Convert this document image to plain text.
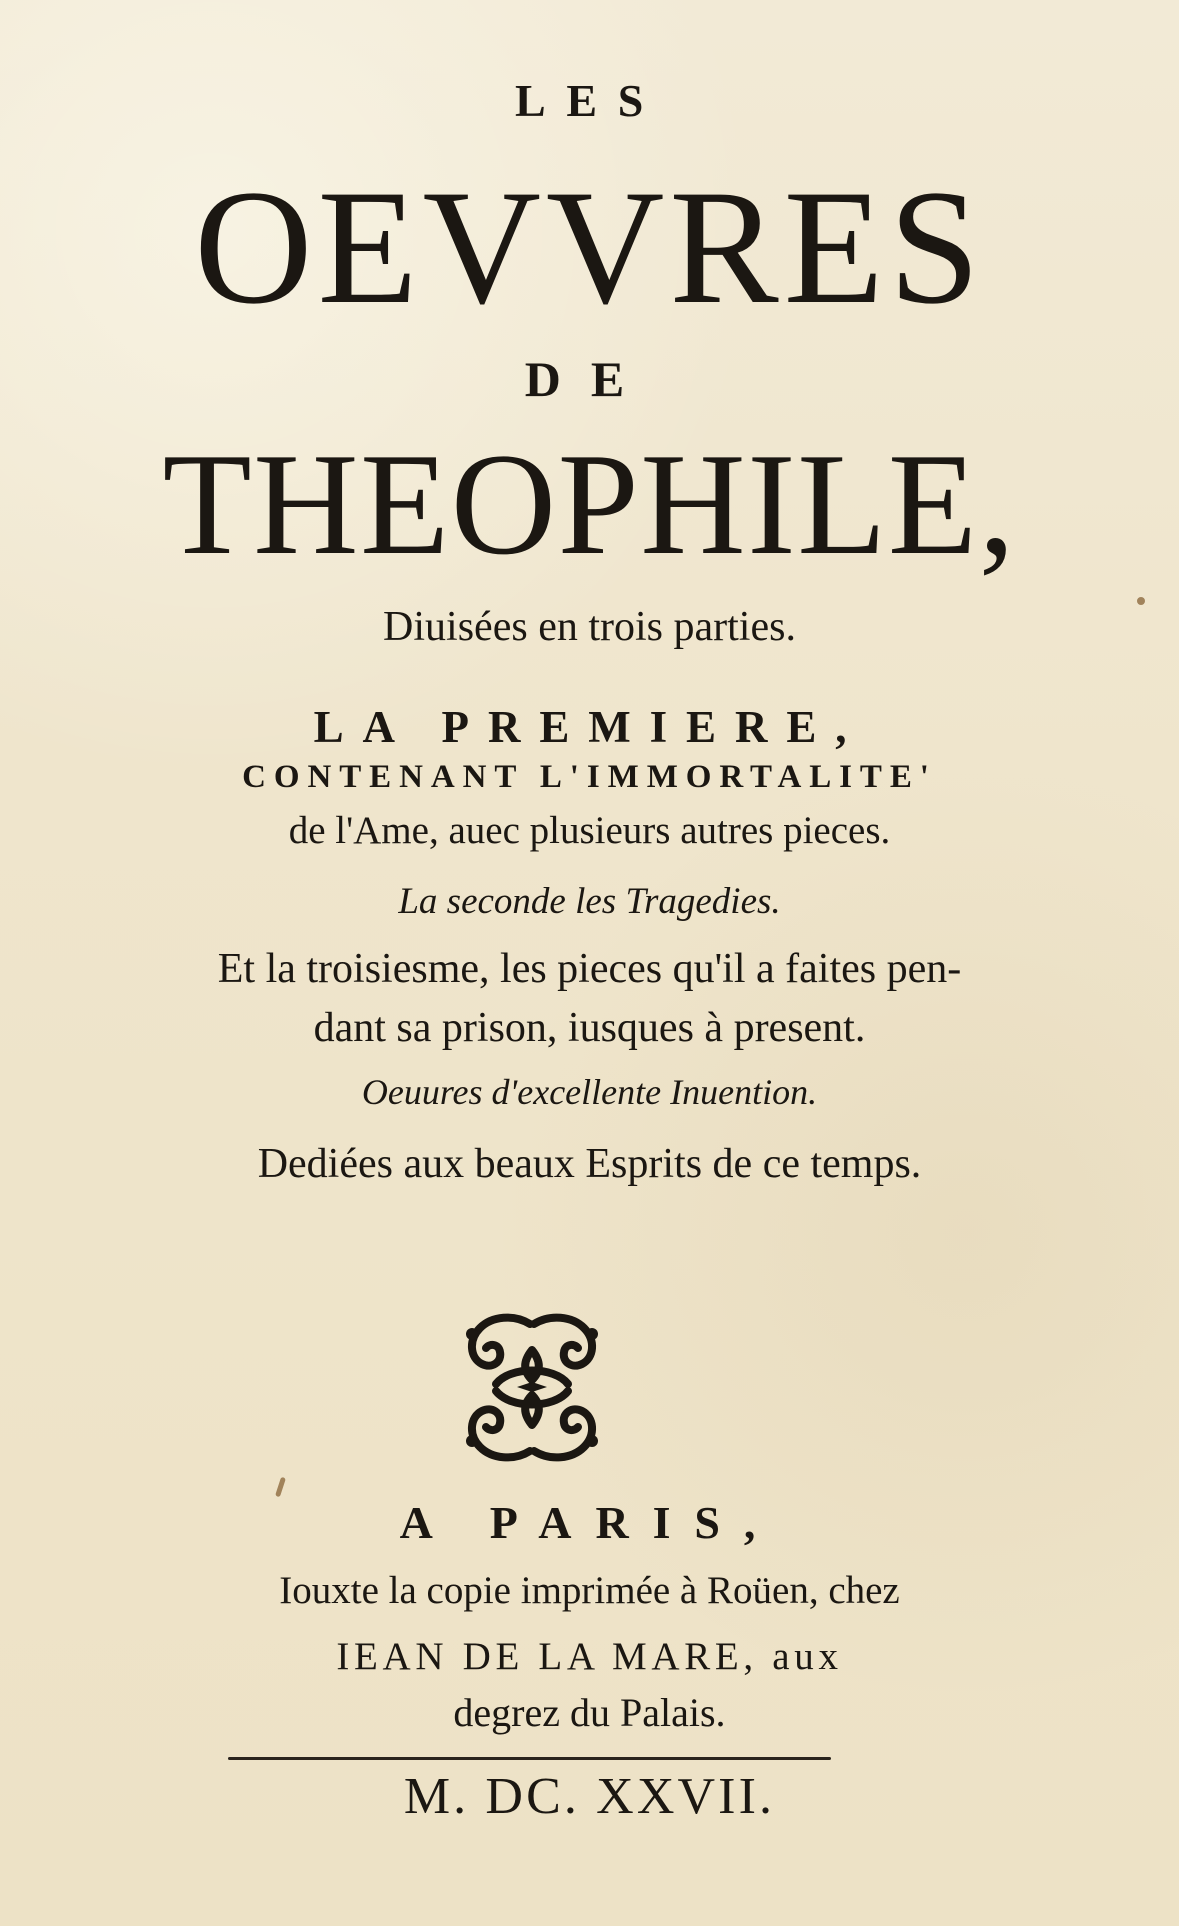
LES

OEVVRES

DE

THEOPHILE,

Diuisées en trois parties.

LA PREMIERE,

CONTENANT L'IMMORTALITE'

de l'Ame, auec plusieurs autres pieces.

La seconde les Tragedies.

Et la troisiesme, les pieces qu'il a faites pen-

dant sa prison, iusques à present.

Oeuures d'excellente Inuention.

Dediées aux beaux Esprits de ce temps.

A PARIS,

Iouxte la copie imprimée à Roüen, chez

IEAN DE LA MARE, aux

degrez du Palais.

M. DC. XXVII.
